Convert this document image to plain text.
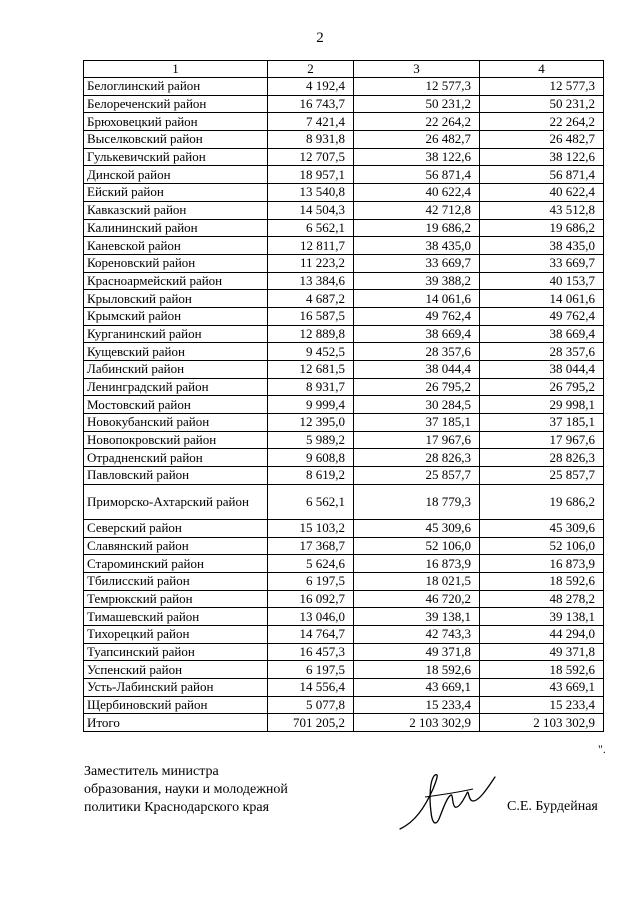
2
1	2	3	4
Белоглинский район	4 192,4	12 577,3	12 577,3
Белореченский район	16 743,7	50 231,2	50 231,2
Брюховецкий район	7 421,4	22 264,2	22 264,2
Выселковский район	8 931,8	26 482,7	26 482,7
Гулькевичский район	12 707,5	38 122,6	38 122,6
Динской район	18 957,1	56 871,4	56 871,4
Ейский район	13 540,8	40 622,4	40 622,4
Кавказский район	14 504,3	42 712,8	43 512,8
Калининский район	6 562,1	19 686,2	19 686,2
Каневской район	12 811,7	38 435,0	38 435,0
Кореновский район	11 223,2	33 669,7	33 669,7
Красноармейский район	13 384,6	39 388,2	40 153,7
Крыловский район	4 687,2	14 061,6	14 061,6
Крымский район	16 587,5	49 762,4	49 762,4
Курганинский район	12 889,8	38 669,4	38 669,4
Кущевский район	9 452,5	28 357,6	28 357,6
Лабинский район	12 681,5	38 044,4	38 044,4
Ленинградский район	8 931,7	26 795,2	26 795,2
Мостовский район	9 999,4	30 284,5	29 998,1
Новокубанский район	12 395,0	37 185,1	37 185,1
Новопокровский район	5 989,2	17 967,6	17 967,6
Отрадненский район	9 608,8	28 826,3	28 826,3
Павловский район	8 619,2	25 857,7	25 857,7
Приморско-Ахтарский район	6 562,1	18 779,3	19 686,2
Северский район	15 103,2	45 309,6	45 309,6
Славянский район	17 368,7	52 106,0	52 106,0
Староминский район	5 624,6	16 873,9	16 873,9
Тбилисский район	6 197,5	18 021,5	18 592,6
Темрюкский район	16 092,7	46 720,2	48 278,2
Тимашевский район	13 046,0	39 138,1	39 138,1
Тихорецкий район	14 764,7	42 743,3	44 294,0
Туапсинский район	16 457,3	49 371,8	49 371,8
Успенский район	6 197,5	18 592,6	18 592,6
Усть-Лабинский район	14 556,4	43 669,1	43 669,1
Щербиновский район	5 077,8	15 233,4	15 233,4
Итого	701 205,2	2 103 302,9	2 103 302,9
".
Заместитель министра
образования, науки и молодежной
политики Краснодарского края	С.Е. Бурдейная
